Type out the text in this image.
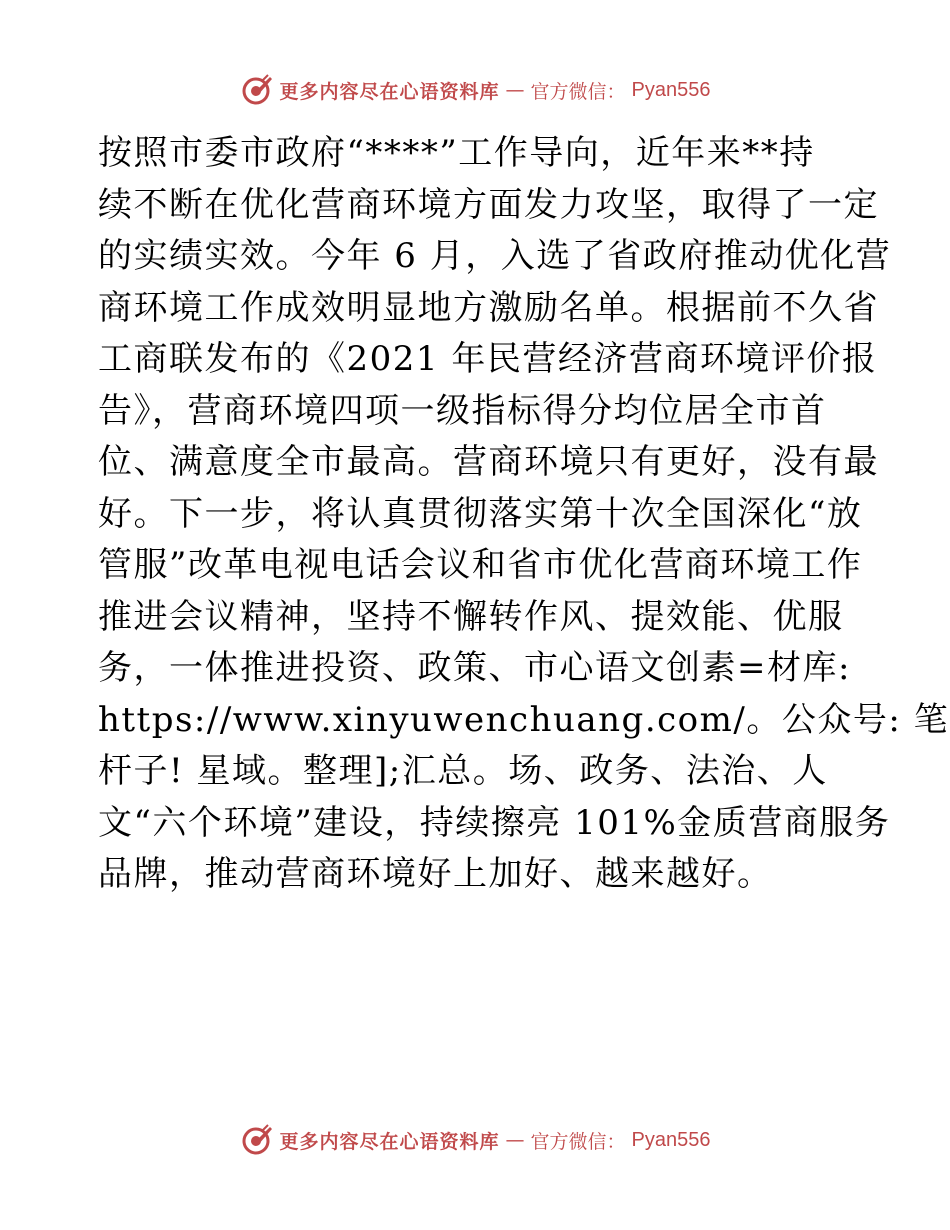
更多内容尽在心语资料库 — 官方微信： Pyan556
按照市委市政府“****”工作导向，近年来**持
续不断在优化营商环境方面发力攻坚，取得了一定
的实绩实效。今年 6 月，入选了省政府推动优化营
商环境工作成效明显地方激励名单。根据前不久省
工商联发布的《2021 年民营经济营商环境评价报
告》，营商环境四项一级指标得分均位居全市首
位、满意度全市最高。营商环境只有更好，没有最
好。下一步，将认真贯彻落实第十次全国深化“放
管服”改革电视电话会议和省市优化营商环境工作
推进会议精神，坚持不懈转作风、提效能、优服
务，一体推进投资、政策、市心语文创素=材库:
https://www.xinyuwenchuang.com/。公众号: 笔
杆子! 星域。整理];汇总。场、政务、法治、人
文“六个环境”建设，持续擦亮 101%金质营商服务
品牌，推动营商环境好上加好、越来越好。
更多内容尽在心语资料库 — 官方微信： Pyan556
